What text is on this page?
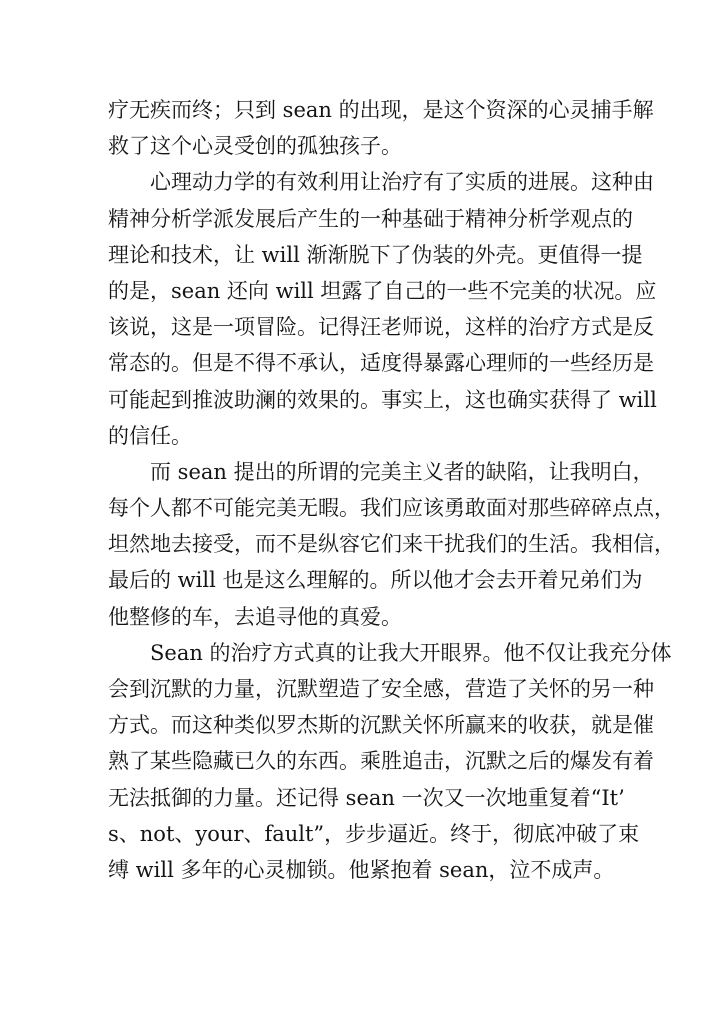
疗无疾而终；只到 sean 的出现，是这个资深的心灵捕手解
救了这个心灵受创的孤独孩子。
心理动力学的有效利用让治疗有了实质的进展。这种由
精神分析学派发展后产生的一种基础于精神分析学观点的
理论和技术，让 will 渐渐脱下了伪装的外壳。更值得一提
的是，sean 还向 will 坦露了自己的一些不完美的状况。应
该说，这是一项冒险。记得汪老师说，这样的治疗方式是反
常态的。但是不得不承认，适度得暴露心理师的一些经历是
可能起到推波助澜的效果的。事实上，这也确实获得了 will
的信任。
而 sean 提出的所谓的完美主义者的缺陷，让我明白，
每个人都不可能完美无暇。我们应该勇敢面对那些碎碎点点，
坦然地去接受，而不是纵容它们来干扰我们的生活。我相信，
最后的 will 也是这么理解的。所以他才会去开着兄弟们为
他整修的车，去追寻他的真爱。
Sean 的治疗方式真的让我大开眼界。他不仅让我充分体
会到沉默的力量，沉默塑造了安全感，营造了关怀的另一种
方式。而这种类似罗杰斯的沉默关怀所赢来的收获，就是催
熟了某些隐藏已久的东西。乘胜追击，沉默之后的爆发有着
无法抵御的力量。还记得 sean 一次又一次地重复着“It’
s、not、your、fault”，步步逼近。终于，彻底冲破了束
缚 will 多年的心灵枷锁。他紧抱着 sean，泣不成声。
